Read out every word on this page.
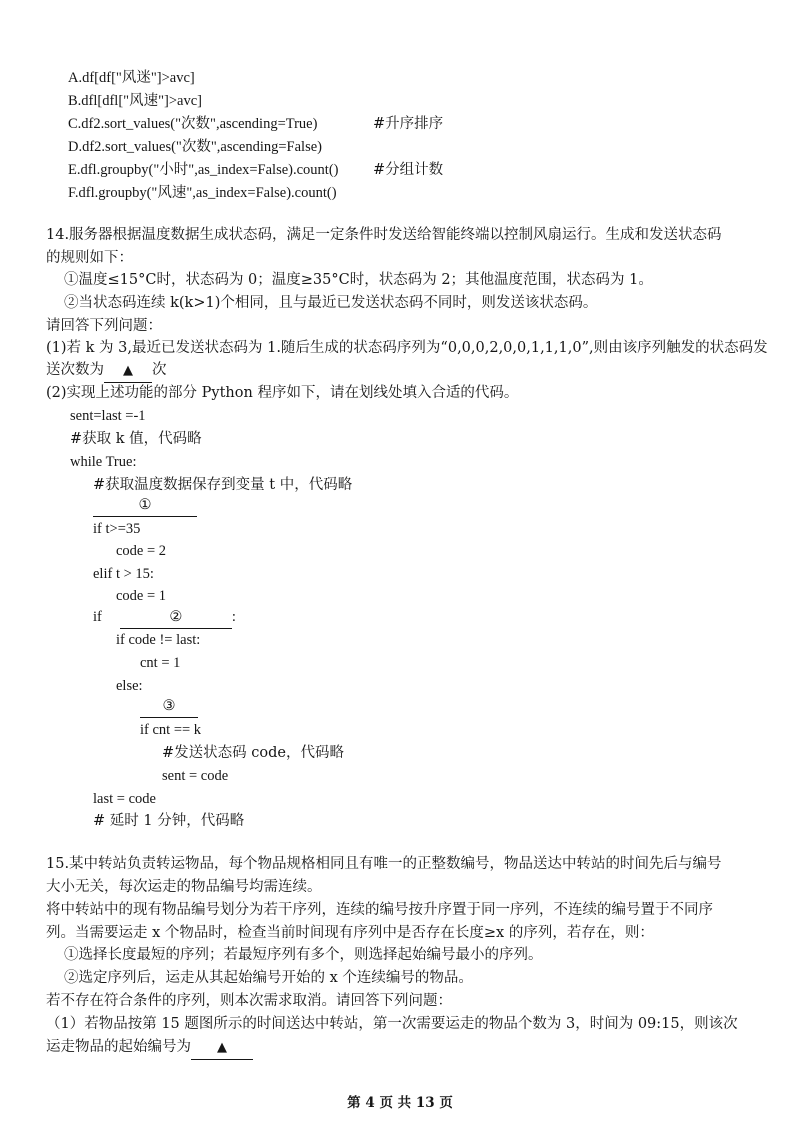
A.df[df["风迷"]>avc]
B.dfl[dfl["风速"]>avc]
C.df2.sort_values("次数",ascending=True)	#升序排序
D.df2.sort_values("次数",ascending=False)
E.dfl.groupby("小时",as_index=False).count() #分组计数
F.dfl.groupby("风速",as_index=False).count()
14.服务器根据温度数据生成状态码，满足一定条件时发送给智能终端以控制风扇运行。生成和发送状态码
的规则如下：
①温度≤15°C时，状态码为 0；温度≥35°C时，状态码为 2；其他温度范围，状态码为 1。
②当状态码连续 k(k>1)个相同，且与最近已发送状态码不同时，则发送该状态码。
请回答下列问题：
(1)若 k 为 3,最近已发送状态码为 1.随后生成的状态码序列为“0,0,0,2,0,0,1,1,1,0”,则由该序列触发的状态码发
送次数为 ▲ 次
(2)实现上述功能的部分 Python 程序如下，请在划线处填入合适的代码。
sent=last =-1
#获取 k 值，代码略
while True:
#获取温度数据保存到变量 t 中，代码略
①
if t>=35
code = 2
elif t > 15:
code = 1
if	②	:
if code != last:
cnt = 1
else:
③
if cnt == k
#发送状态码 code，代码略
sent = code
last = code
# 延时 1 分钟，代码略
15.某中转站负责转运物品，每个物品规格相同且有唯一的正整数编号，物品送达中转站的时间先后与编号
大小无关，每次运走的物品编号均需连续。
将中转站中的现有物品编号划分为若干序列，连续的编号按升序置于同一序列，不连续的编号置于不同序
列。当需要运走 x 个物品时，检查当前时间现有序列中是否存在长度≥x 的序列，若存在，则：
①选择长度最短的序列；若最短序列有多个，则选择起始编号最小的序列。
②选定序列后，运走从其起始编号开始的 x 个连续编号的物品。
若不存在符合条件的序列，则本次需求取消。请回答下列问题：
（1）若物品按第 15 题图所示的时间送达中转站，第一次需要运走的物品个数为 3，时间为 09:15，则该次
运走物品的起始编号为 ▲
第 4 页 共 13 页
